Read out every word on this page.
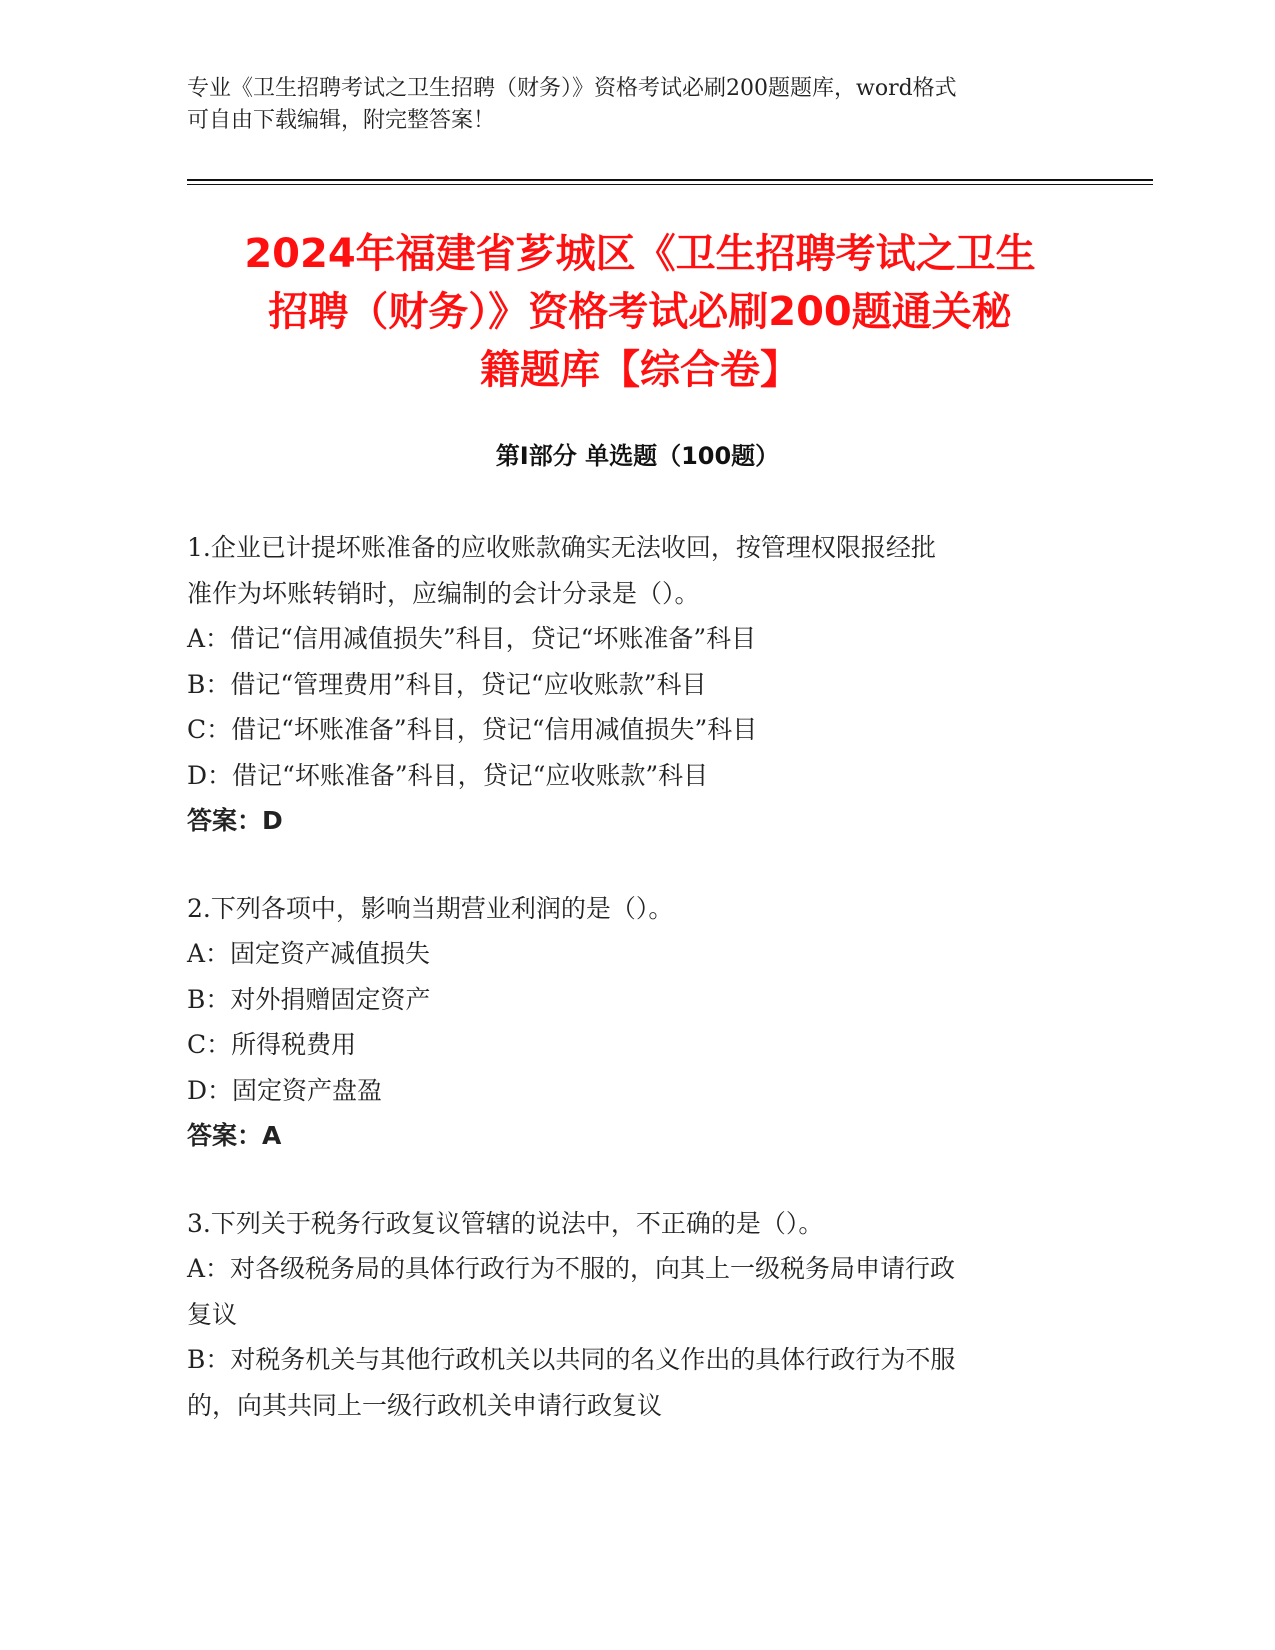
专业《卫生招聘考试之卫生招聘（财务）》资格考试必刷200题题库，word格式
可自由下载编辑，附完整答案！
2024年福建省芗城区《卫生招聘考试之卫生
招聘（财务）》资格考试必刷200题通关秘
籍题库【综合卷】
第Ⅰ部分 单选题（100题）

1.企业已计提坏账准备的应收账款确实无法收回，按管理权限报经批

准作为坏账转销时，应编制的会计分录是（）。

A：借记“信用减值损失”科目，贷记“坏账准备”科目

B：借记“管理费用”科目，贷记“应收账款”科目

C：借记“坏账准备”科目，贷记“信用减值损失”科目

D：借记“坏账准备”科目，贷记“应收账款”科目

答案：D

2.下列各项中，影响当期营业利润的是（）。

A：固定资产减值损失

B：对外捐赠固定资产

C：所得税费用

D：固定资产盘盈

答案：A

3.下列关于税务行政复议管辖的说法中，不正确的是（）。

A：对各级税务局的具体行政行为不服的，向其上一级税务局申请行政

复议

B：对税务机关与其他行政机关以共同的名义作出的具体行政行为不服

的，向其共同上一级行政机关申请行政复议
